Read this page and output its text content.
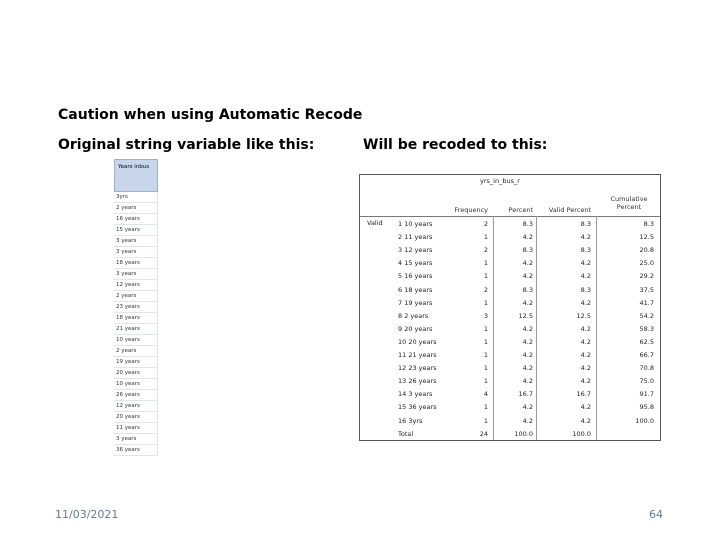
Caution when using Automatic Recode
Original string variable like this:	Will be recoded to this:
Years inbus
3yrs
2 years
16 years
15 years
3 years
3 years
18 years
3 years
12 years
2 years
23 years
18 years
21 years
10 years
2 years
19 years
20 years
10 years
26 years
12 years
20 years
11 years
3 years
36 years
yrs_in_bus_r
Frequency	Percent	Valid Percent
Cumulative Percent
Valid 1 10 years	2	8.3	8.3	8.3
2 11 years	1	4.2	4.2	12.5
3 12 years	2	8.3	8.3	20.8
4 15 years	1	4.2	4.2	25.0
5 16 years	1	4.2	4.2	29.2
6 18 years	2	8.3	8.3	37.5
7 19 years	1	4.2	4.2	41.7
8 2 years	3	12.5	12.5	54.2
9 20 years	1	4.2	4.2	58.3
10 20 years	1	4.2	4.2	62.5
11 21 years	1	4.2	4.2	66.7
12 23 years	1	4.2	4.2	70.8
13 26 years	1	4.2	4.2	75.0
14 3 years	4	16.7	16.7	91.7
15 36 years	1	4.2	4.2	95.8
16 3yrs	1	4.2	4.2	100.0
Total	24	100.0	100.0
11/03/2021	64
